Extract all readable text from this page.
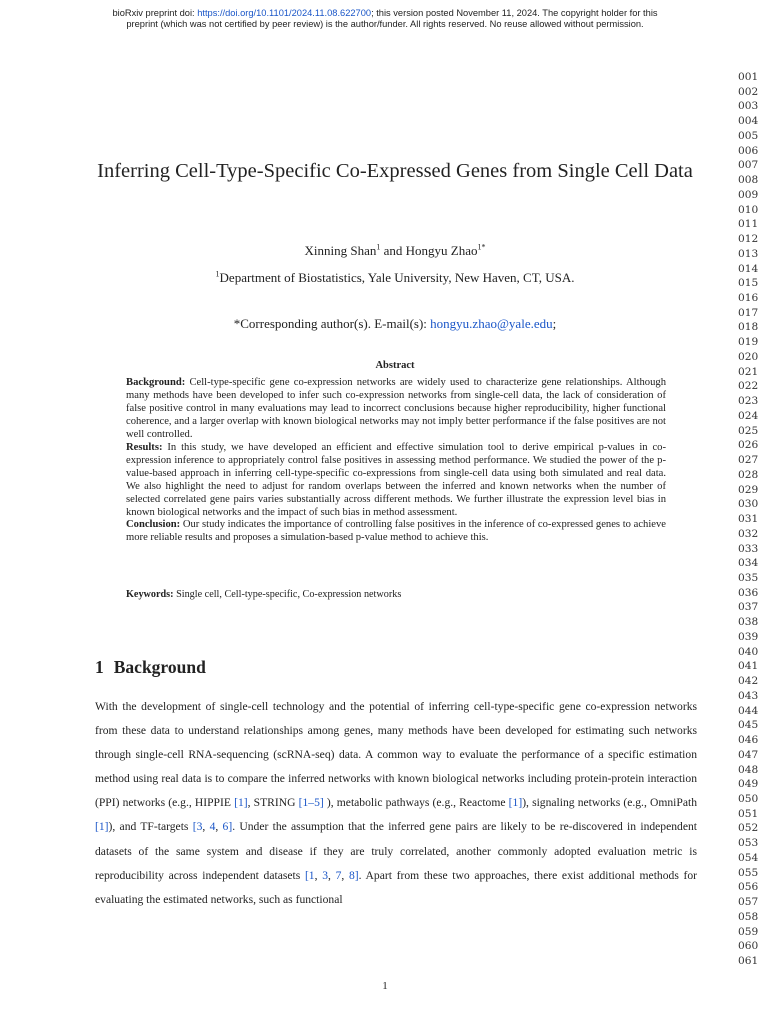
bioRxiv preprint doi: https://doi.org/10.1101/2024.11.08.622700; this version posted November 11, 2024. The copyright holder for this
preprint (which was not certified by peer review) is the author/funder. All rights reserved. No reuse allowed without permission.
001
002
003
004
005
006
007
008
009
010
011
012
013
014
015
016
017
018
019
020
021
022
023
024
025
026
027
028
029
030
031
032
033
034
035
036
037
038
039
040
041
042
043
044
045
046
047
048
049
050
051
052
053
054
055
056
057
058
059
060
061
Inferring Cell-Type-Specific Co-Expressed Genes from Single Cell Data
Xinning Shan$^1$ and Hongyu Zhao$^{1*}$
$^1$Department of Biostatistics, Yale University, New Haven, CT, USA.
*Corresponding author(s). E-mail(s): hongyu.zhao@yale.edu;
Abstract

Background: Cell-type-specific gene co-expression networks are widely used to characterize gene relationships. Although many methods have been developed to infer such co-expression networks from single-cell data, the lack of consideration of false positive control in many evaluations may lead to incorrect conclusions because higher reproducibility, higher functional coherence, and a larger overlap with known biological networks may not imply better performance if the false positives are not well controlled.

Results: In this study, we have developed an efficient and effective simulation tool to derive empirical p-values in co-expression inference to appropriately control false positives in assessing method performance. We studied the power of the p-value-based approach in inferring cell-type-specific co-expressions from single-cell data using both simulated and real data. We also highlight the need to adjust for random overlaps between the inferred and known networks when the number of selected correlated gene pairs varies substantially across different methods. We further illustrate the expression level bias in known biological networks and the impact of such bias in method assessment.

Conclusion: Our study indicates the importance of controlling false positives in the inference of co-expressed genes to achieve more reliable results and proposes a simulation-based p-value method to achieve this.

Keywords: Single cell, Cell-type-specific, Co-expression networks
1 Background

With the development of single-cell technology and the potential of inferring cell-type-specific gene co-expression networks from these data to understand relationships among genes, many methods have been developed for estimating such networks through single-cell RNA-sequencing (scRNA-seq) data. A common way to evaluate the performance of a specific estimation method using real data is to compare the inferred networks with known biological networks including protein-protein interaction (PPI) networks (e.g., HIPPIE [1], STRING [1–5] ), metabolic pathways (e.g., Reactome [1]), signaling networks (e.g., OmniPath [1]), and TF-targets [3, 4, 6]. Under the assumption that the inferred gene pairs are likely to be re-discovered in independent datasets of the same system and disease if they are truly correlated, another commonly adopted evaluation metric is reproducibility across independent datasets [1, 3, 7, 8]. Apart from these two approaches, there exist additional methods for evaluating the estimated networks, such as functional

1
